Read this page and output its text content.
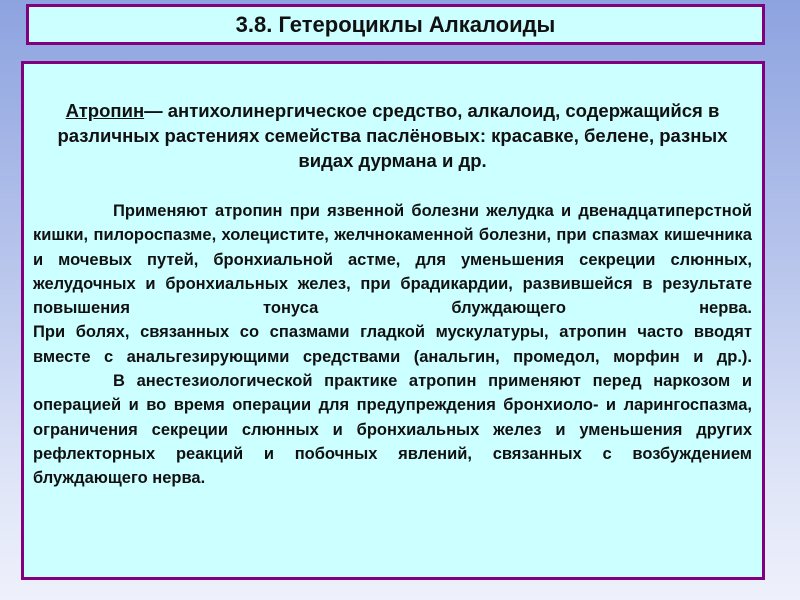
3.8. Гетероциклы Алкалоиды

Атропин— антихолинергическое средство, алкалоид, содержащийся в различных растениях семейства паслёновых: красавке, белене, разных видах дурмана и др.

Применяют атропин при язвенной болезни желудка и двенадцатиперстной кишки, пилороспазме, холецистите, желчнокаменной болезни, при спазмах кишечника и мочевых путей, бронхиальной астме, для уменьшения секреции слюнных, желудочных и бронхиальных желез, при брадикардии, развившейся в результате повышения тонуса блуждающего нерва.

При болях, связанных со спазмами гладкой мускулатуры, атропин часто вводят вместе с анальгезирующими средствами (анальгин, промедол, морфин и др.).

В анестезиологической практике атропин применяют перед наркозом и операцией и во время операции для предупреждения бронхиоло- и ларингоспазма, ограничения секреции слюнных и бронхиальных желез и уменьшения других рефлекторных реакций и побочных явлений, связанных с возбуждением блуждающего нерва.
